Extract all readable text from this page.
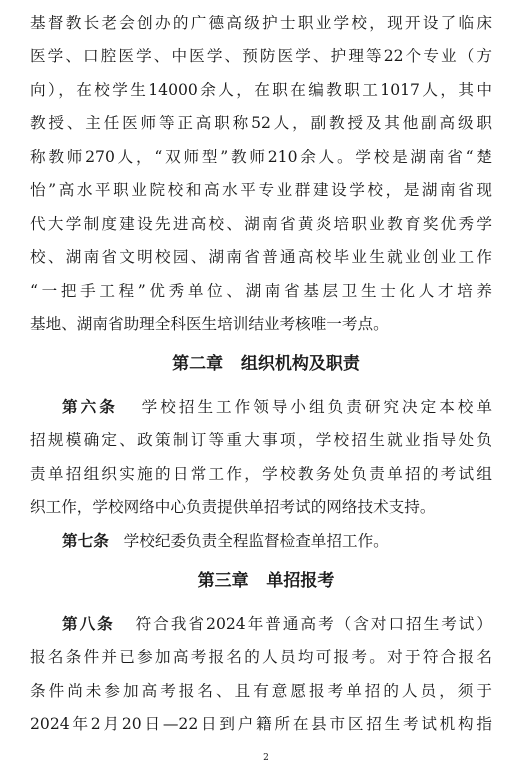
基督教长老会创办的广德高级护士职业学校，现开设了临床
医学、口腔医学、中医学、预防医学、护理等22个专业（方
向），在校学生14000余人，在职在编教职工1017人，其中
教授、主任医师等正高职称52人，副教授及其他副高级职
称教师270人，“双师型”教师210余人。学校是湖南省“楚
怡”高水平职业院校和高水平专业群建设学校，是湖南省现
代大学制度建设先进高校、湖南省黄炎培职业教育奖优秀学
校、湖南省文明校园、湖南省普通高校毕业生就业创业工作
“一把手工程”优秀单位、湖南省基层卫生士化人才培养
基地、湖南省助理全科医生培训结业考核唯一考点。
第二章   组织机构及职责
第六条 学校招生工作领导小组负责研究决定本校单
招规模确定、政策制订等重大事项，学校招生就业指导处负
责单招组织实施的日常工作，学校教务处负责单招的考试组
织工作，学校网络中心负责提供单招考试的网络技术支持。
第七条 学校纪委负责全程监督检查单招工作。
第三章   单招报考
第八条 符合我省2024年普通高考（含对口招生考试）
报名条件并已参加高考报名的人员均可报考。对于符合报名
条件尚未参加高考报名、且有意愿报考单招的人员，须于
2024年2月20日—22日到户籍所在县市区招生考试机构指
2
